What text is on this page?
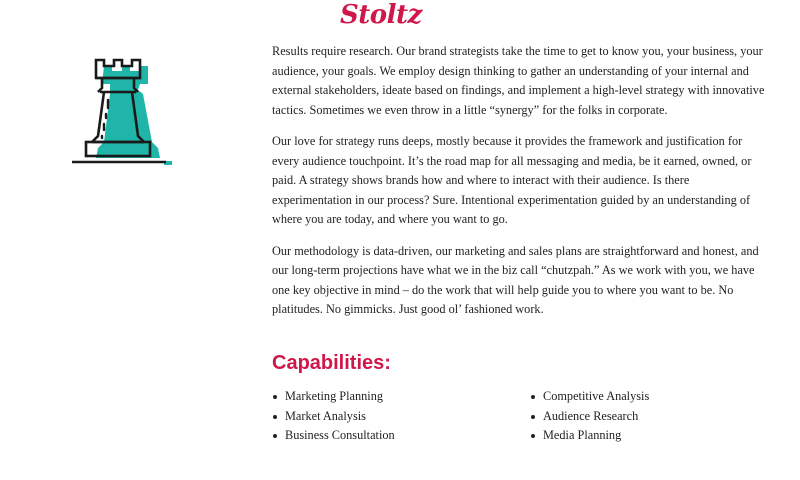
Stoltz

Results require research. Our brand strategists take the time to get to know you, your business, your audience, your goals. We employ design thinking to gather an understanding of your internal and external stakeholders, ideate based on findings, and implement a high-level strategy with innovative tactics. Sometimes we even throw in a little “synergy” for the folks in corporate.

Our love for strategy runs deeps, mostly because it provides the framework and justification for every audience touchpoint. It’s the road map for all messaging and media, be it earned, owned, or paid. A strategy shows brands how and where to interact with their audience. Is there experimentation in our process? Sure. Intentional experimentation guided by an understanding of where you are today, and where you want to go.

Our methodology is data-driven, our marketing and sales plans are straightforward and honest, and our long-term projections have what we in the biz call “chutzpah.” As we work with you, we have one key objective in mind – do the work that will help guide you to where you want to be. No platitudes. No gimmicks. Just good ol’ fashioned work.

Capabilities:
Marketing Planning
Market Analysis
Business Consultation
Competitive Analysis
Audience Research
Media Planning
